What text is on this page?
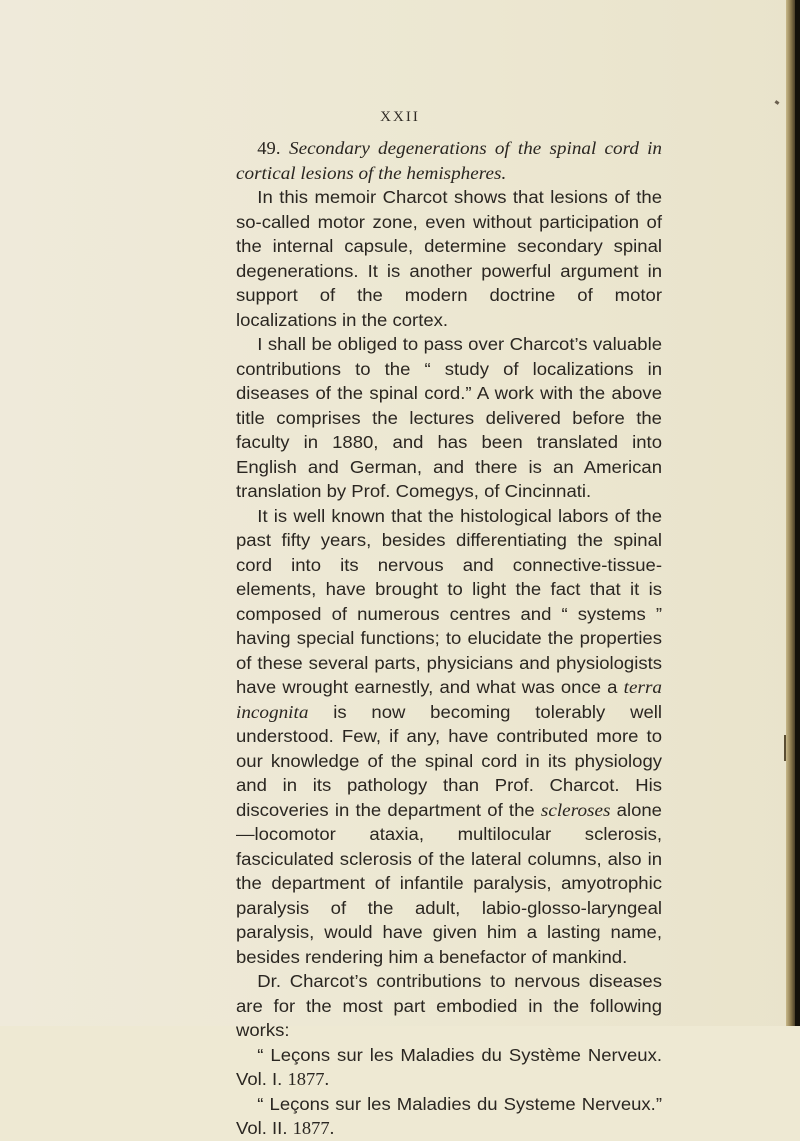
XXII

49. Secondary degenerations of the spinal cord in cortical lesions of the hemispheres.

In this memoir Charcot shows that lesions of the so-called motor zone, even without participation of the internal capsule, determine secondary spinal degenerations. It is another powerful argument in support of the modern doctrine of motor localizations in the cortex.

I shall be obliged to pass over Charcot’s valuable contributions to the “ study of localizations in diseases of the spinal cord.” A work with the above title comprises the lectures delivered before the faculty in 1880, and has been translated into English and German, and there is an American translation by Prof. Comegys, of Cincinnati.

It is well known that the histological labors of the past fifty years, besides differentiating the spinal cord into its nervous and connective-tissue-elements, have brought to light the fact that it is composed of numerous centres and “ systems ” having special functions; to elucidate the properties of these several parts, physicians and physiologists have wrought earnestly, and what was once a terra incognita is now becoming tolerably well understood. Few, if any, have contributed more to our knowledge of the spinal cord in its physiology and in its pathology than Prof. Charcot. His discoveries in the department of the scleroses alone—locomotor ataxia, multilocular sclerosis, fasciculated sclerosis of the lateral columns, also in the department of infantile paralysis, amyotrophic paralysis of the adult, labio-glosso-laryngeal paralysis, would have given him a lasting name, besides rendering him a benefactor of mankind.

Dr. Charcot’s contributions to nervous diseases are for the most part embodied in the following works:

“ Leçons sur les Maladies du Système Nerveux. Vol. I. 1877.

“ Leçons sur les Maladies du Systeme Nerveux.” Vol. II. 1877.
